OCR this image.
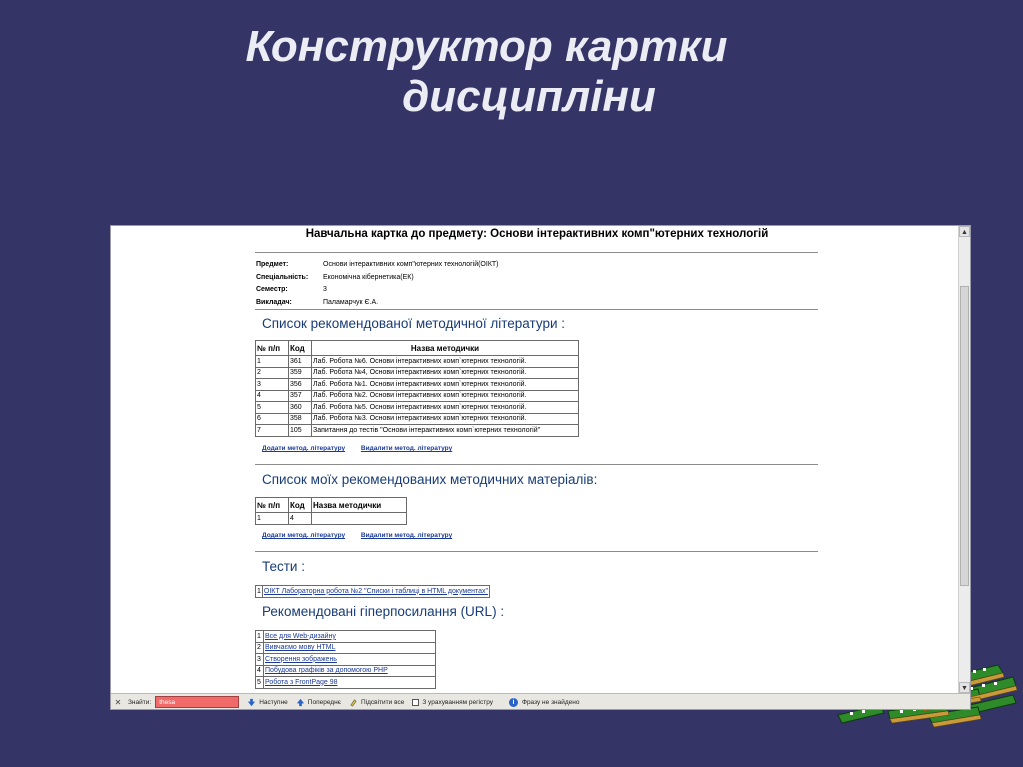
Конструктор картки
дисципліни
Навчальна картка до предмету: Основи інтерактивних комп"ютерних технологій
Предмет:	Основи інтерактивних комп"ютерних технологій(ОІКТ)
Спеціальність:	Економічна кібернетика(ЕК)
Семестр:	3
Викладач:	Паламарчук Є.А.
Список рекомендованої методичної літератури :
№ п/п	Код	Назва методички
1	361	Лаб. Робота №6. Основи інтерактивних комп`ютерних технологій.
2	359	Лаб. Робота №4, Основи інтерактивних комп`ютерних технологій.
3	356	Лаб. Робота №1. Основи інтерактивних комп`ютерних технологій.
4	357	Лаб. Робота №2. Основи інтерактивних комп`ютерних технологій.
5	360	Лаб. Робота №5. Основи інтерактивних комп`ютерних технологій.
6	358	Лаб. Робота №3. Основи інтерактивних комп`ютерних технологій.
7	105	Запитання до тестів "Основи інтерактивних комп`ютерних технологій"
Додати метод. літературу Видалити метод. літературу
Список моїх рекомендованих методичних матеріалів:
№ п/п	Код	Назва методички
1	4	
Додати метод. літературу Видалити метод. літературу
Тести :
1	ОІКТ Лабораторна робота №2 "Списки і таблиці в HTML документах"
Рекомендовані гіперпосилання (URL) :
1	Все для Web-дизайну
2	Вивчаємо мову HTML
3	Створення зображень
4	Побудова графіків за допомогою PHP
5	Робота з FrontPage 98
▲
▼
✕	Знайти:	thesa	Наступне	Попереднє	Підсвітити все	З урахуванням регістру	i	Фразу не знайдено
